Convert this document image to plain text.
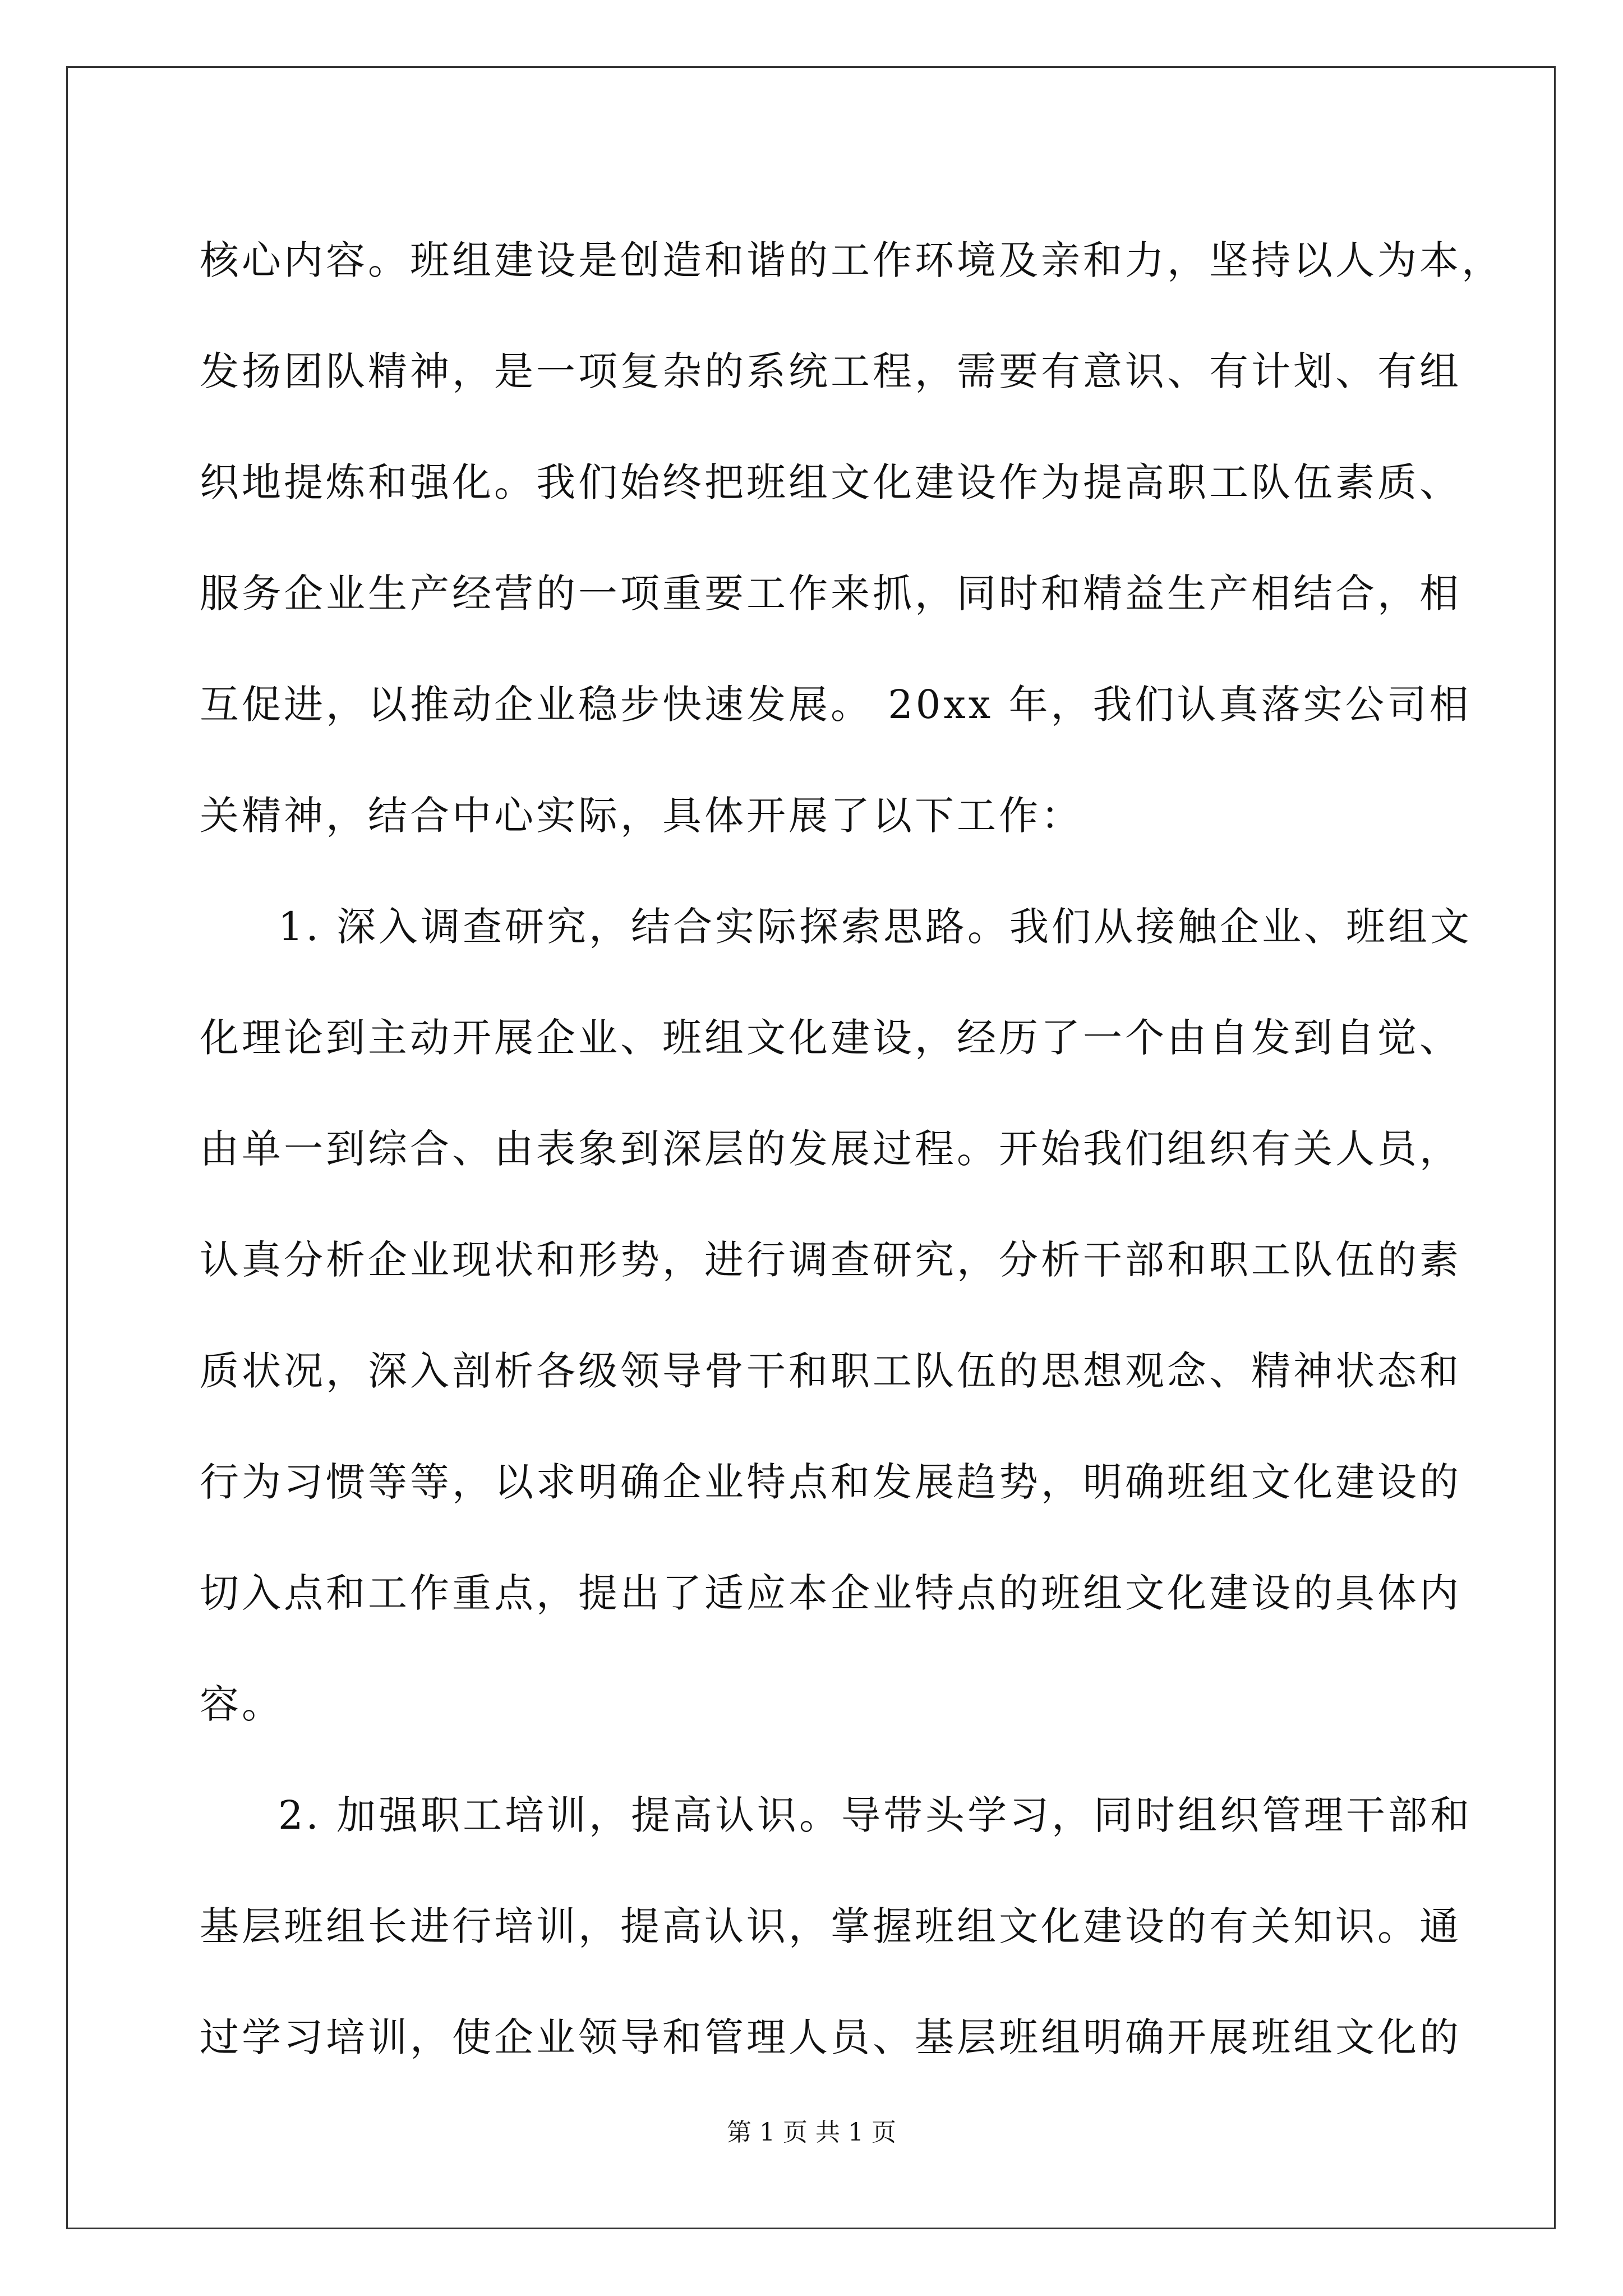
核心内容。班组建设是创造和谐的工作环境及亲和力，坚持以人为本，
发扬团队精神，是一项复杂的系统工程，需要有意识、有计划、有组
织地提炼和强化。我们始终把班组文化建设作为提高职工队伍素质、
服务企业生产经营的一项重要工作来抓，同时和精益生产相结合，相
互促进，以推动企业稳步快速发展。 20xx 年，我们认真落实公司相
关精神，结合中心实际，具体开展了以下工作：
1. 深入调查研究，结合实际探索思路。我们从接触企业、班组文
化理论到主动开展企业、班组文化建设，经历了一个由自发到自觉、
由单一到综合、由表象到深层的发展过程。开始我们组织有关人员，
认真分析企业现状和形势，进行调查研究，分析干部和职工队伍的素
质状况，深入剖析各级领导骨干和职工队伍的思想观念、精神状态和
行为习惯等等，以求明确企业特点和发展趋势，明确班组文化建设的
切入点和工作重点，提出了适应本企业特点的班组文化建设的具体内
容。
2. 加强职工培训，提高认识。导带头学习，同时组织管理干部和
基层班组长进行培训，提高认识，掌握班组文化建设的有关知识。通
过学习培训，使企业领导和管理人员、基层班组明确开展班组文化的
第 1 页 共 1 页
